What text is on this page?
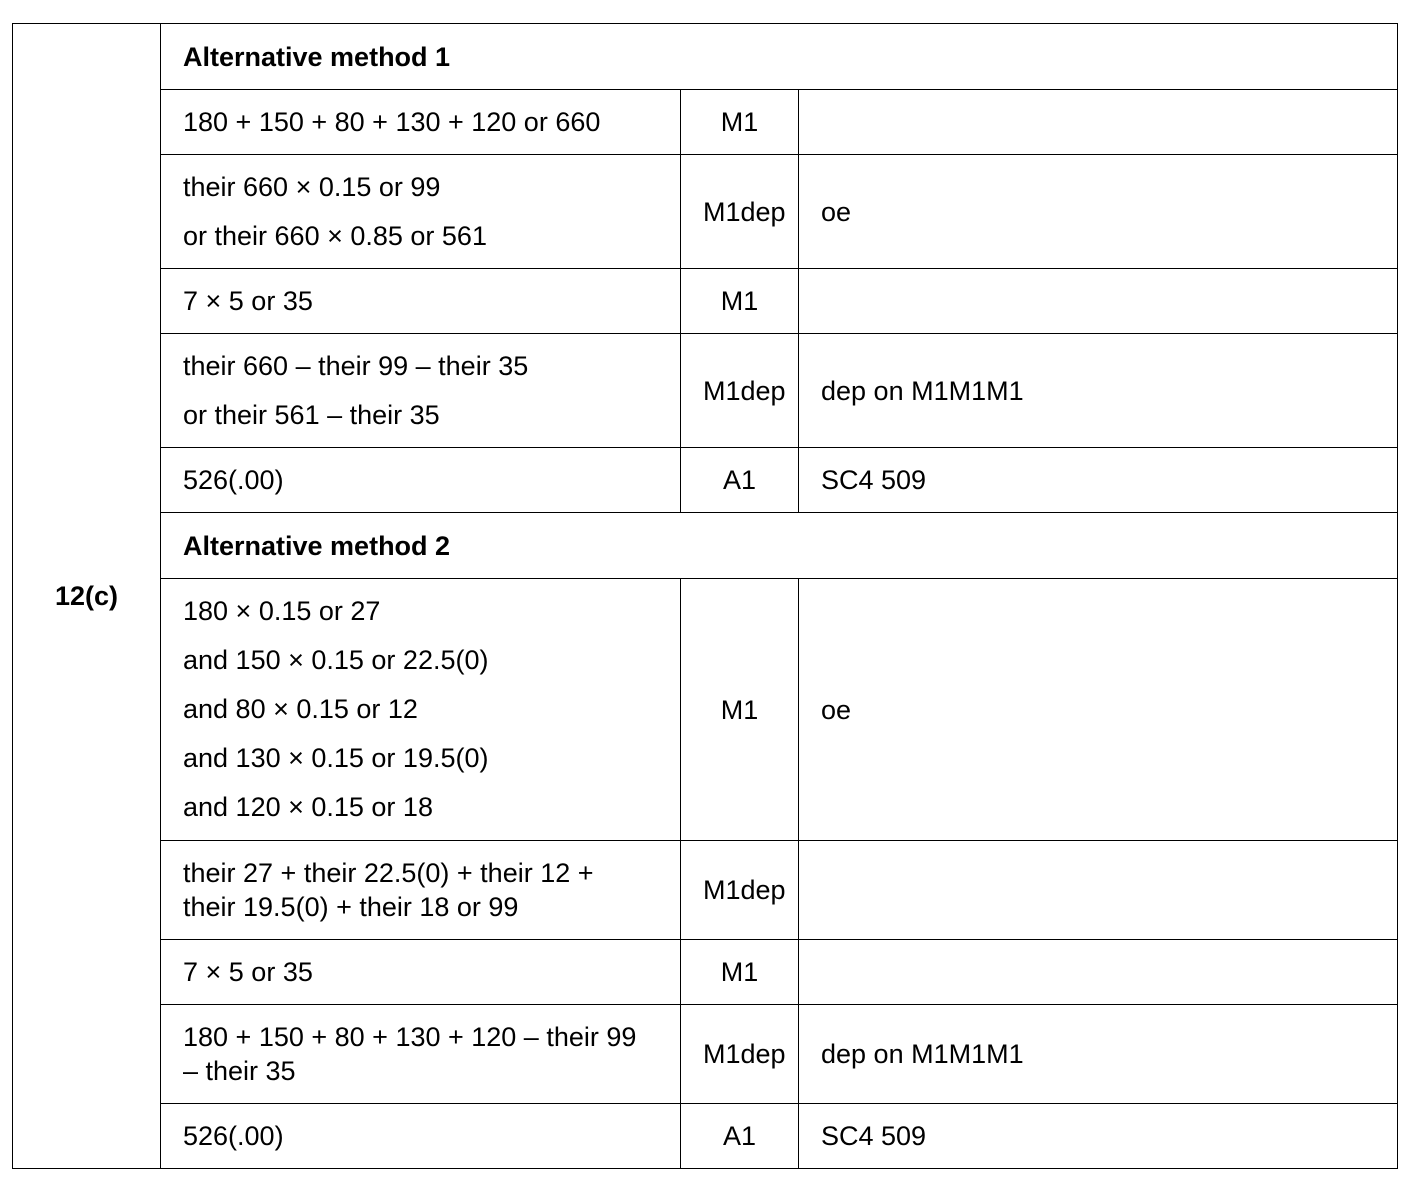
12(c)	Alternative method 1		

	180 + 150 + 80 + 130 + 120 or 660	M1	

	their 660 × 0.15 or 99
or their 660 × 0.85 or 561	M1dep	oe

	7 × 5 or 35	M1	

	their 660 – their 99 – their 35
or their 561 – their 35	M1dep	dep on M1M1M1

	526(.00)	A1	SC4 509
	Alternative method 2		

	180 × 0.15 or 27
and 150 × 0.15 or 22.5(0)
and 80 × 0.15 or 12
and 130 × 0.15 or 19.5(0)
and 120 × 0.15 or 18	M1	oe

	their 27 + their 22.5(0) + their 12 +
their 19.5(0) + their 18 or 99	M1dep	

	7 × 5 or 35	M1	

	180 + 150 + 80 + 130 + 120 – their 99
– their 35	M1dep	dep on M1M1M1

	526(.00)	A1	SC4 509
